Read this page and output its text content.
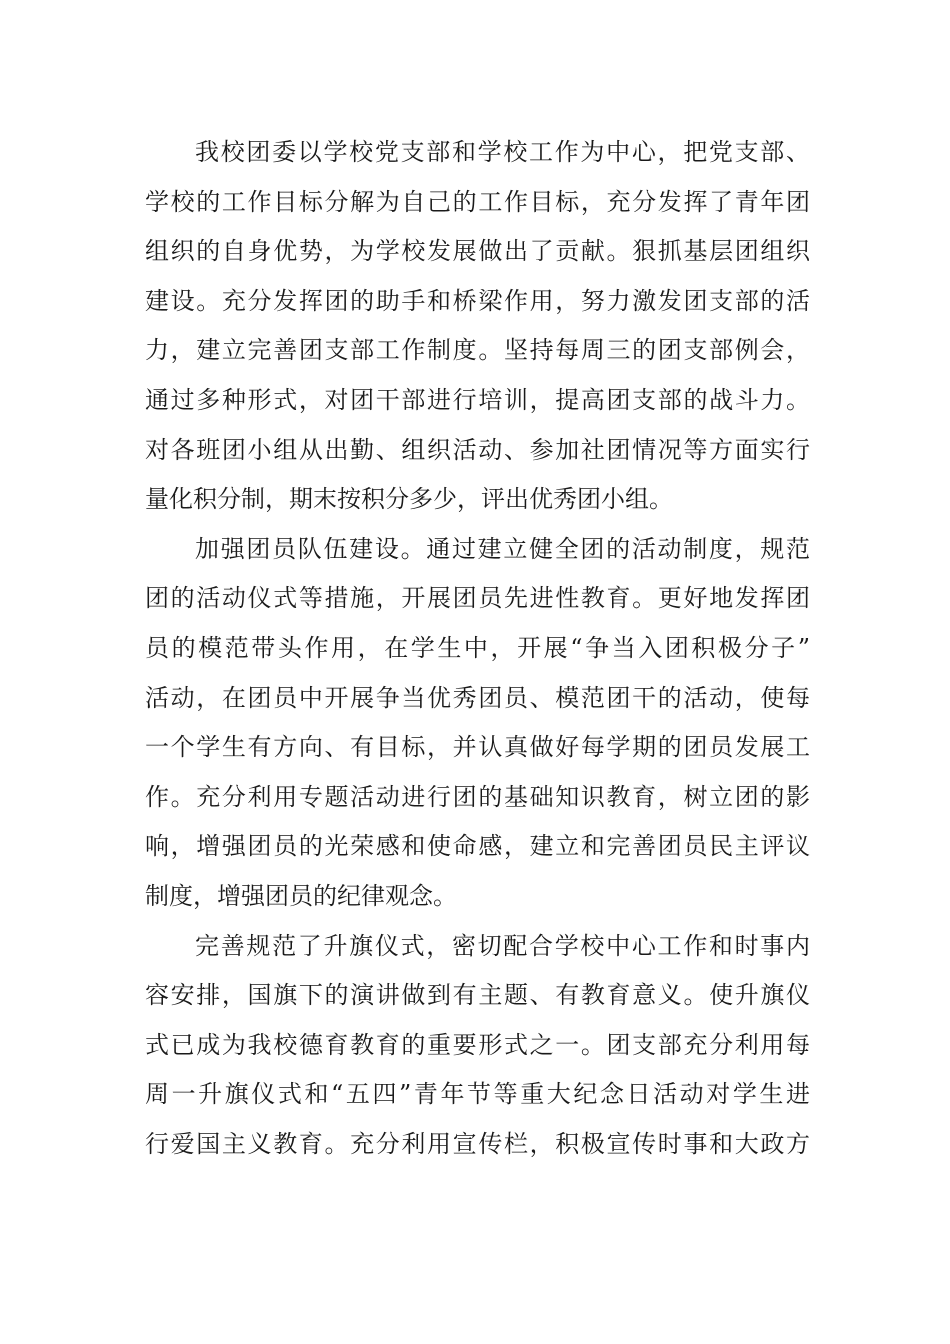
我校团委以学校党支部和学校工作为中心，把党支部、
学校的工作目标分解为自己的工作目标，充分发挥了青年团
组织的自身优势，为学校发展做出了贡献。狠抓基层团组织
建设。充分发挥团的助手和桥梁作用，努力激发团支部的活
力，建立完善团支部工作制度。坚持每周三的团支部例会，
通过多种形式，对团干部进行培训，提高团支部的战斗力。
对各班团小组从出勤、组织活动、参加社团情况等方面实行
量化积分制，期末按积分多少，评出优秀团小组。
加强团员队伍建设。通过建立健全团的活动制度，规范
团的活动仪式等措施，开展团员先进性教育。更好地发挥团
员的模范带头作用，在学生中，开展“争当入团积极分子”
活动，在团员中开展争当优秀团员、模范团干的活动，使每
一个学生有方向、有目标，并认真做好每学期的团员发展工
作。充分利用专题活动进行团的基础知识教育，树立团的影
响，增强团员的光荣感和使命感，建立和完善团员民主评议
制度，增强团员的纪律观念。
完善规范了升旗仪式，密切配合学校中心工作和时事内
容安排，国旗下的演讲做到有主题、有教育意义。使升旗仪
式已成为我校德育教育的重要形式之一。团支部充分利用每
周一升旗仪式和“五四”青年节等重大纪念日活动对学生进
行爱国主义教育。充分利用宣传栏，积极宣传时事和大政方
